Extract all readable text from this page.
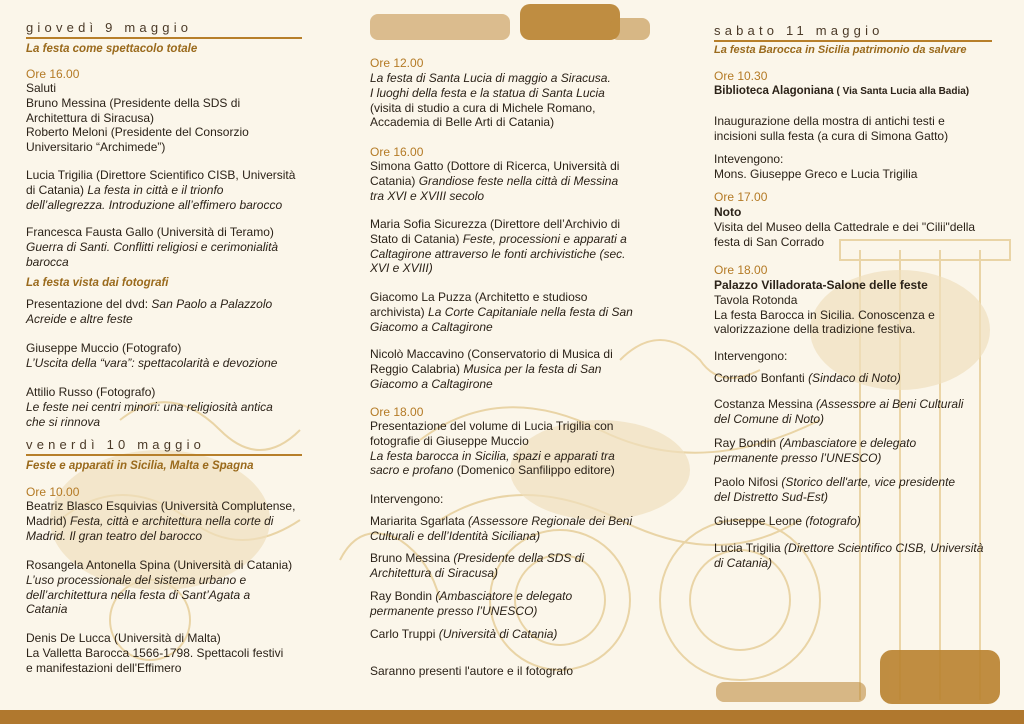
giovedì 9 maggio
La festa come spettacolo totale
Ore 16.00
Saluti
Bruno Messina (Presidente della SDS di
Architettura di Siracusa)
Roberto Meloni (Presidente del Consorzio
Universitario “Archimede”)
Lucia Trigilia (Direttore Scientifico CISB, Università
di Catania) La festa in città e il trionfo
dell’allegrezza. Introduzione all’effimero barocco
Francesca Fausta Gallo (Università di Teramo)
Guerra di Santi. Conflitti religiosi e cerimonialità
barocca
La festa vista dai fotografi
Presentazione del dvd: San Paolo a Palazzolo
Acreide e altre feste
Giuseppe Muccio (Fotografo)
L’Uscita della “vara”: spettacolarità e devozione
Attilio Russo (Fotografo)
Le feste nei centri minori: una religiosità antica
che si rinnova
venerdì 10 maggio
Feste e apparati in Sicilia, Malta e Spagna
Ore 10.00
Beatriz Blasco Esquivias (Università Complutense,
Madrid) Festa, città e architettura nella corte di
Madrid. Il gran teatro del barocco
Rosangela Antonella Spina (Università di Catania)
L’uso processionale del sistema urbano e
dell’architettura nella festa di Sant’Agata a
Catania
Denis De Lucca (Università di Malta)
La Valletta Barocca 1566-1798. Spettacoli festivi
e manifestazioni dell'Effimero
Ore 12.00
La festa di Santa Lucia di maggio a Siracusa.
I luoghi della festa e la statua di Santa Lucia
(visita di studio a cura di Michele Romano,
Accademia di Belle Arti di Catania)
Ore 16.00
Simona Gatto (Dottore di Ricerca, Università di
Catania) Grandiose feste nella città di Messina
tra XVI e XVIII secolo
Maria Sofia Sicurezza (Direttore dell’Archivio di
Stato di Catania) Feste, processioni e apparati a
Caltagirone attraverso le fonti archivistiche (sec.
XVI e XVIII)
Giacomo La Puzza (Architetto e studioso
archivista) La Corte Capitaniale nella festa di San
Giacomo a Caltagirone
Nicolò Maccavino (Conservatorio di Musica di
Reggio Calabria) Musica per la festa di San
Giacomo a Caltagirone
Ore 18.00
Presentazione del volume di Lucia Trigilia con
fotografie di Giuseppe Muccio
La festa barocca in Sicilia, spazi e apparati tra
sacro e profano (Domenico Sanfilippo editore)
Intervengono:
Mariarita Sgarlata (Assessore Regionale dei Beni
Culturali e dell’Identità Siciliana)
Bruno Messina (Presidente della SDS di
Architettura di Siracusa)
Ray Bondin (Ambasciatore e delegato
permanente presso l’UNESCO)
Carlo Truppi (Università di Catania)
Saranno presenti l'autore e il fotografo
sabato 11 maggio
La festa Barocca in Sicilia patrimonio da salvare
Ore 10.30
Biblioteca Alagoniana ( Via Santa Lucia alla Badia)
Inaugurazione della mostra di antichi testi e
incisioni sulla festa (a cura di Simona Gatto)
Intevengono:
Mons. Giuseppe Greco e Lucia Trigilia
Ore 17.00
Noto
Visita del Museo della Cattedrale e dei "Cilii"della
festa di San Corrado
Ore 18.00
Palazzo Villadorata-Salone delle feste
Tavola Rotonda
La festa Barocca in Sicilia. Conoscenza e
valorizzazione della tradizione festiva.
Intervengono:
Corrado Bonfanti (Sindaco di Noto)
Costanza Messina (Assessore ai Beni Culturali
del Comune di Noto)
Ray Bondin (Ambasciatore e delegato
permanente presso l’UNESCO)
Paolo Nifosi (Storico dell'arte, vice presidente
del Distretto Sud-Est)
Giuseppe Leone (fotografo)
Lucia Trigilia (Direttore Scientifico CISB, Università
di Catania)
